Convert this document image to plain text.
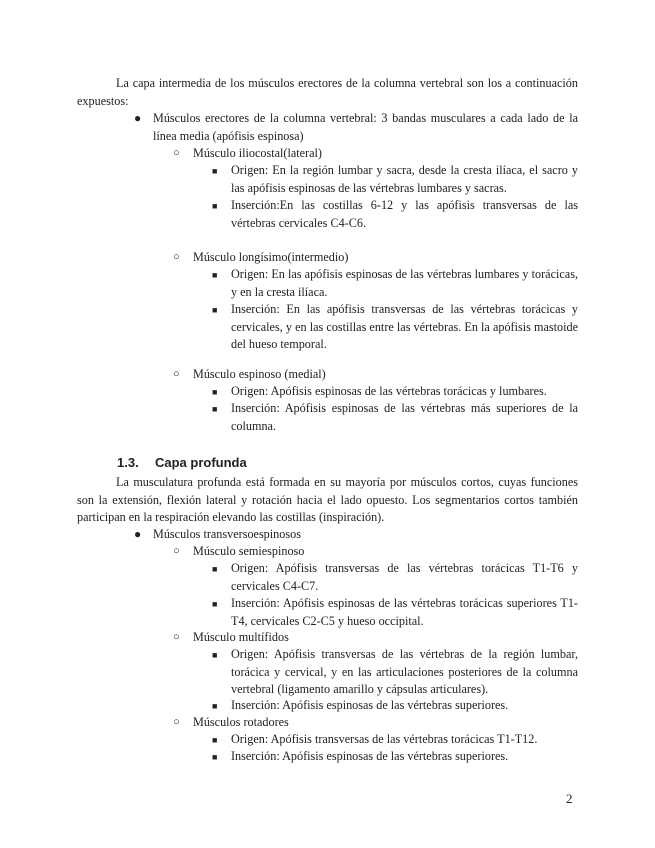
La capa intermedia de los músculos erectores de la columna vertebral son los a continuación expuestos:
● Músculos erectores de la columna vertebral: 3 bandas musculares a cada lado de la línea media (apófisis espinosa)
○ Músculo iliocostal(lateral)
■ Origen: En la región lumbar y sacra, desde la cresta ilíaca, el sacro y las apófisis espinosas de las vértebras lumbares y sacras.
■ Inserción:En las costillas 6-12 y las apófisis transversas de las vértebras cervicales C4-C6.
○ Músculo longísimo(intermedio)
■ Origen: En las apófisis espinosas de las vértebras lumbares y torácicas, y en la cresta ilíaca.
■ Inserción: En las apófisis transversas de las vértebras torácicas y cervicales, y en las costillas entre las vértebras. En la apófisis mastoide del hueso temporal.
○ Músculo espinoso (medial)
■ Origen: Apófisis espinosas de las vértebras torácicas y lumbares.
■ Inserción: Apófisis espinosas de las vértebras más superiores de la columna.
1.3. Capa profunda
La musculatura profunda está formada en su mayoría por músculos cortos, cuyas funciones son la extensión, flexión lateral y rotación hacia el lado opuesto. Los segmentarios cortos también participan en la respiración elevando las costillas (inspiración).
● Músculos transversoespinosos
○ Músculo semiespinoso
■ Origen: Apófisis transversas de las vértebras torácicas T1-T6 y cervicales C4-C7.
■ Inserción: Apófisis espinosas de las vértebras torácicas superiores T1-T4, cervicales C2-C5 y hueso occipital.
○ Músculo multífidos
■ Origen: Apófisis transversas de las vértebras de la región lumbar, torácica y cervical, y en las articulaciones posteriores de la columna vertebral (ligamento amarillo y cápsulas articulares).
■ Inserción: Apófisis espinosas de las vértebras superiores.
○ Músculos rotadores
■ Origen: Apófisis transversas de las vértebras torácicas T1-T12.
■ Inserción: Apófisis espinosas de las vértebras superiores.
2
